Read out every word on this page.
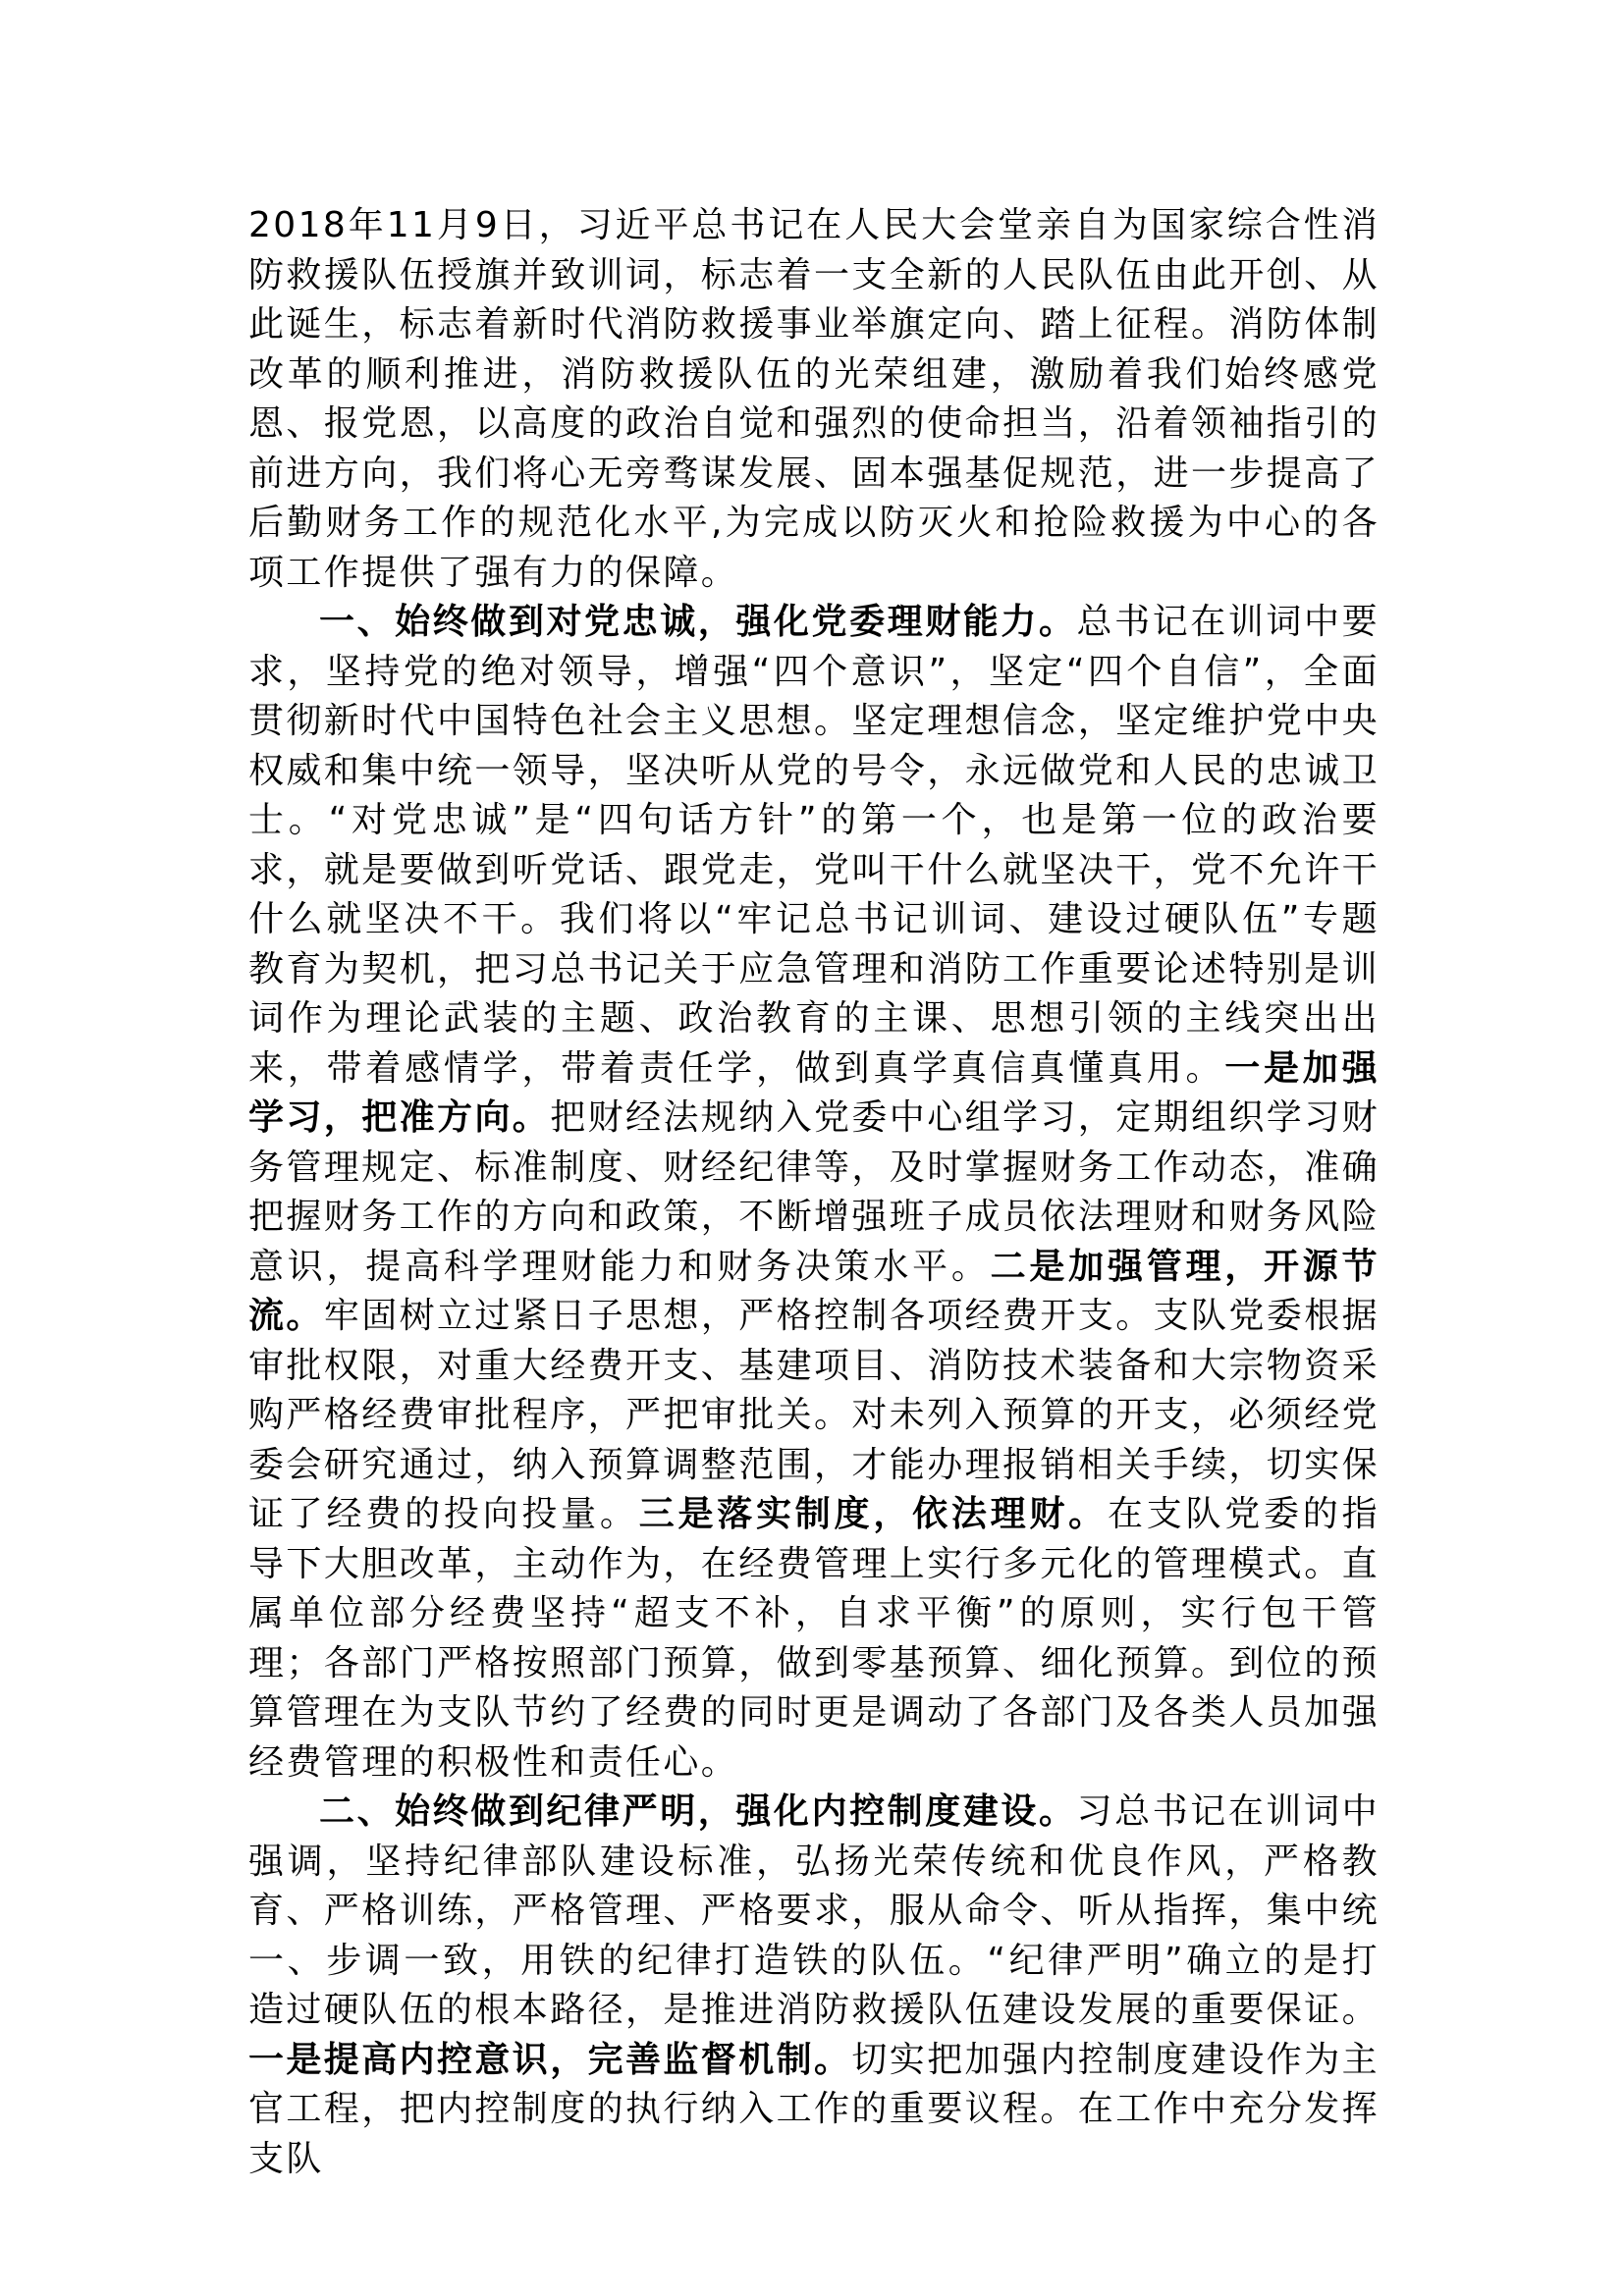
2018年11月9日，习近平总书记在人民大会堂亲自为国家综合性消防救援队伍授旗并致训词，标志着一支全新的人民队伍由此开创、从此诞生，标志着新时代消防救援事业举旗定向、踏上征程。消防体制改革的顺利推进，消防救援队伍的光荣组建，激励着我们始终感党恩、报党恩，以高度的政治自觉和强烈的使命担当，沿着领袖指引的前进方向，我们将心无旁骛谋发展、固本强基促规范，进一步提高了后勤财务工作的规范化水平,为完成以防灭火和抢险救援为中心的各项工作提供了强有力的保障。

一、始终做到对党忠诚，强化党委理财能力。总书记在训词中要求，坚持党的绝对领导，增强“四个意识”，坚定“四个自信”，全面贯彻新时代中国特色社会主义思想。坚定理想信念，坚定维护党中央权威和集中统一领导，坚决听从党的号令，永远做党和人民的忠诚卫士。“对党忠诚”是“四句话方针”的第一个，也是第一位的政治要求，就是要做到听党话、跟党走，党叫干什么就坚决干，党不允许干什么就坚决不干。我们将以“牢记总书记训词、建设过硬队伍”专题教育为契机，把习总书记关于应急管理和消防工作重要论述特别是训词作为理论武装的主题、政治教育的主课、思想引领的主线突出出来，带着感情学，带着责任学，做到真学真信真懂真用。一是加强学习，把准方向。把财经法规纳入党委中心组学习，定期组织学习财务管理规定、标准制度、财经纪律等，及时掌握财务工作动态，准确把握财务工作的方向和政策，不断增强班子成员依法理财和财务风险意识，提高科学理财能力和财务决策水平。二是加强管理，开源节流。牢固树立过紧日子思想，严格控制各项经费开支。支队党委根据审批权限，对重大经费开支、基建项目、消防技术装备和大宗物资采购严格经费审批程序，严把审批关。对未列入预算的开支，必须经党委会研究通过，纳入预算调整范围，才能办理报销相关手续，切实保证了经费的投向投量。三是落实制度，依法理财。在支队党委的指导下大胆改革，主动作为，在经费管理上实行多元化的管理模式。直属单位部分经费坚持“超支不补，自求平衡”的原则，实行包干管理；各部门严格按照部门预算，做到零基预算、细化预算。到位的预算管理在为支队节约了经费的同时更是调动了各部门及各类人员加强经费管理的积极性和责任心。

二、始终做到纪律严明，强化内控制度建设。习总书记在训词中强调，坚持纪律部队建设标准，弘扬光荣传统和优良作风，严格教育、严格训练，严格管理、严格要求，服从命令、听从指挥，集中统一、步调一致，用铁的纪律打造铁的队伍。“纪律严明”确立的是打造过硬队伍的根本路径，是推进消防救援队伍建设发展的重要保证。一是提高内控意识，完善监督机制。切实把加强内控制度建设作为主官工程，把内控制度的执行纳入工作的重要议程。在工作中充分发挥支队
